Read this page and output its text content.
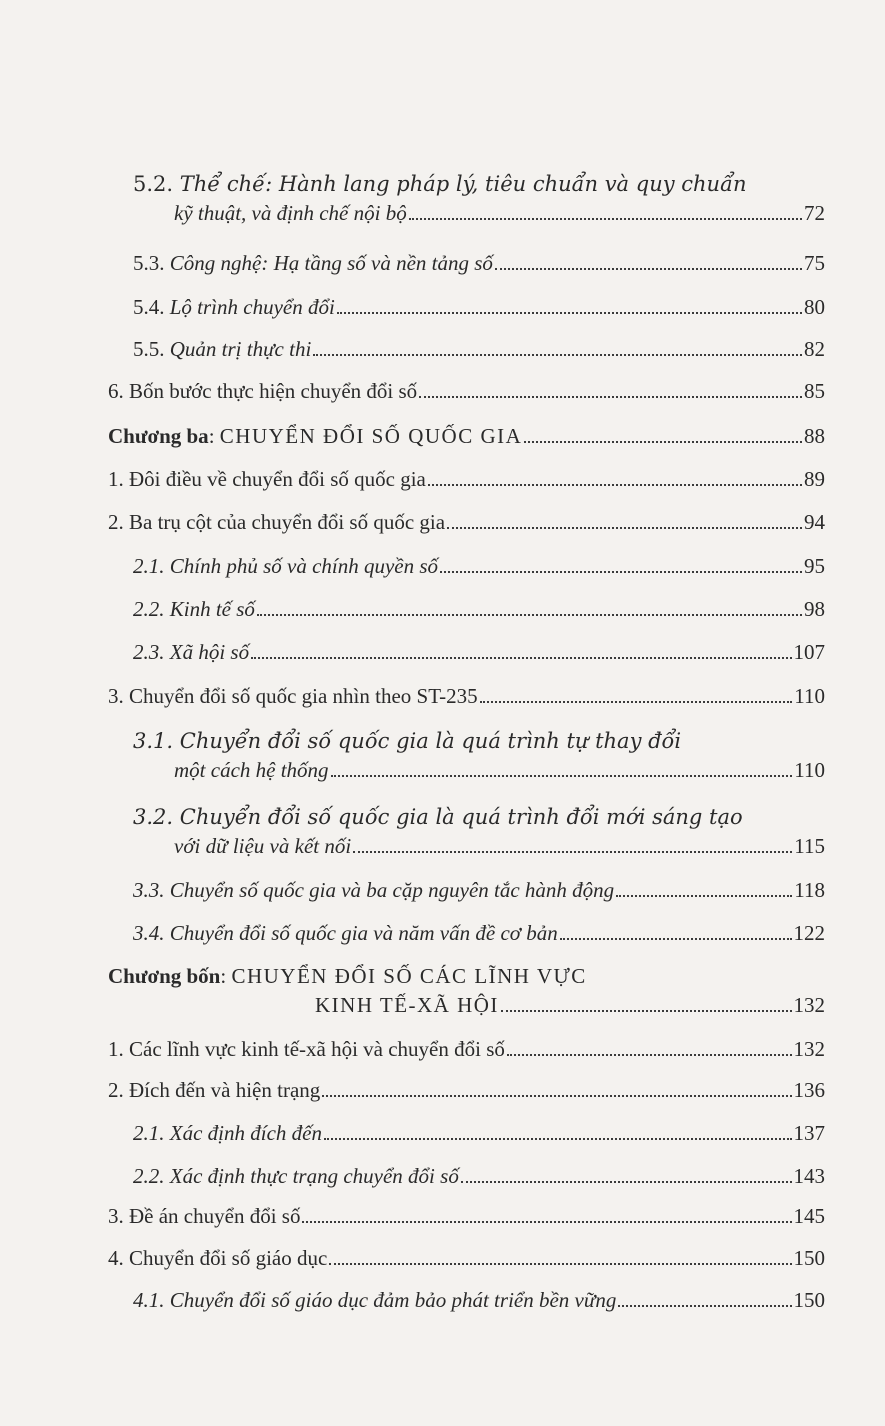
5.2. Thể chế: Hành lang pháp lý, tiêu chuẩn và quy chuẩn
kỹ thuật, và định chế nội bộ	72
5.3. Công nghệ: Hạ tầng số và nền tảng số	75
5.4. Lộ trình chuyển đổi	80
5.5. Quản trị thực thi	82
6. Bốn bước thực hiện chuyển đổi số	85
Chương ba: CHUYỂN ĐỔI SỐ QUỐC GIA	88
1. Đôi điều về chuyển đổi số quốc gia	89
2. Ba trụ cột của chuyển đổi số quốc gia	94
2.1. Chính phủ số và chính quyền số	95
2.2. Kinh tế số	98
2.3. Xã hội số	107
3. Chuyển đổi số quốc gia nhìn theo ST-235	110
3.1. Chuyển đổi số quốc gia là quá trình tự thay đổi
một cách hệ thống	110
3.2. Chuyển đổi số quốc gia là quá trình đổi mới sáng tạo
với dữ liệu và kết nối	115
3.3. Chuyển số quốc gia và ba cặp nguyên tắc hành động	118
3.4. Chuyển đổi số quốc gia và năm vấn đề cơ bản	122
Chương bốn: CHUYỂN ĐỔI SỐ CÁC LĨNH VỰC
KINH TẾ-XÃ HỘI	132
1. Các lĩnh vực kinh tế-xã hội và chuyển đổi số	132
2. Đích đến và hiện trạng	136
2.1. Xác định đích đến	137
2.2. Xác định thực trạng chuyển đổi số	143
3. Đề án chuyển đổi số	145
4. Chuyển đổi số giáo dục	150
4.1. Chuyển đổi số giáo dục đảm bảo phát triển bền vững	150
